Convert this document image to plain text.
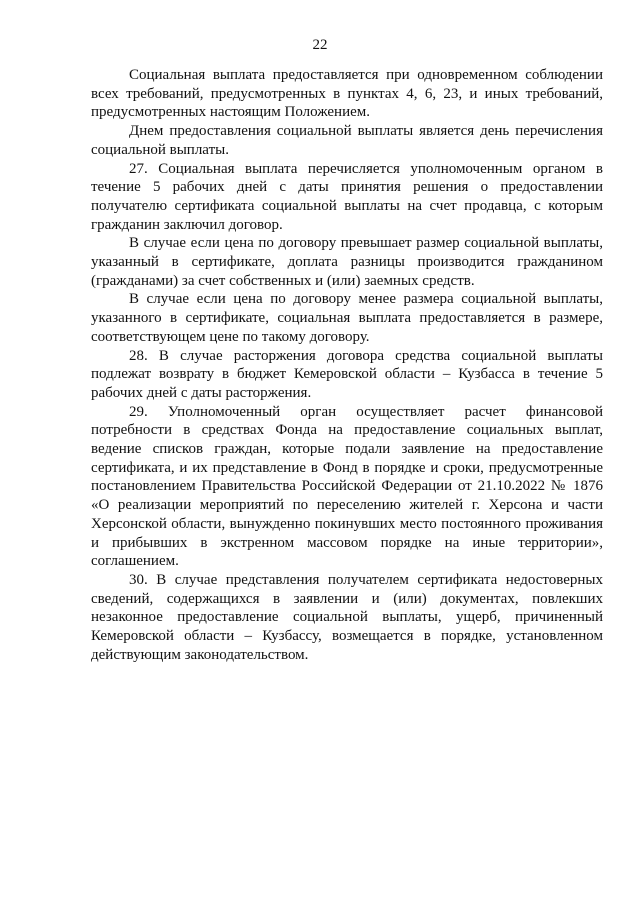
22

Социальная выплата предоставляется при одновременном соблюдении всех требований, предусмотренных в пунктах 4, 6, 23, и иных требований, предусмотренных настоящим Положением.

Днем предоставления социальной выплаты является день перечисления социальной выплаты.

27. Социальная выплата перечисляется уполномоченным органом в течение 5 рабочих дней с даты принятия решения о предоставлении получателю сертификата социальной выплаты на счет продавца, с которым гражданин заключил договор.

В случае если цена по договору превышает размер социальной выплаты, указанный в сертификате, доплата разницы производится гражданином (гражданами) за счет собственных и (или) заемных средств.

В случае если цена по договору менее размера социальной выплаты, указанного в сертификате, социальная выплата предоставляется в размере, соответствующем цене по такому договору.

28. В случае расторжения договора средства социальной выплаты подлежат возврату в бюджет Кемеровской области – Кузбасса в течение 5 рабочих дней с даты расторжения.

29. Уполномоченный орган осуществляет расчет финансовой потребности в средствах Фонда на предоставление социальных выплат, ведение списков граждан, которые подали заявление на предоставление сертификата, и их представление в Фонд в порядке и сроки, предусмотренные постановлением Правительства Российской Федерации от 21.10.2022 № 1876 «О реализации мероприятий по переселению жителей г. Херсона и части Херсонской области, вынужденно покинувших место постоянного проживания и прибывших в экстренном массовом порядке на иные территории», соглашением.

30. В случае представления получателем сертификата недостоверных сведений, содержащихся в заявлении и (или) документах, повлекших незаконное предоставление социальной выплаты, ущерб, причиненный Кемеровской области – Кузбассу, возмещается в порядке, установленном действующим законодательством.
